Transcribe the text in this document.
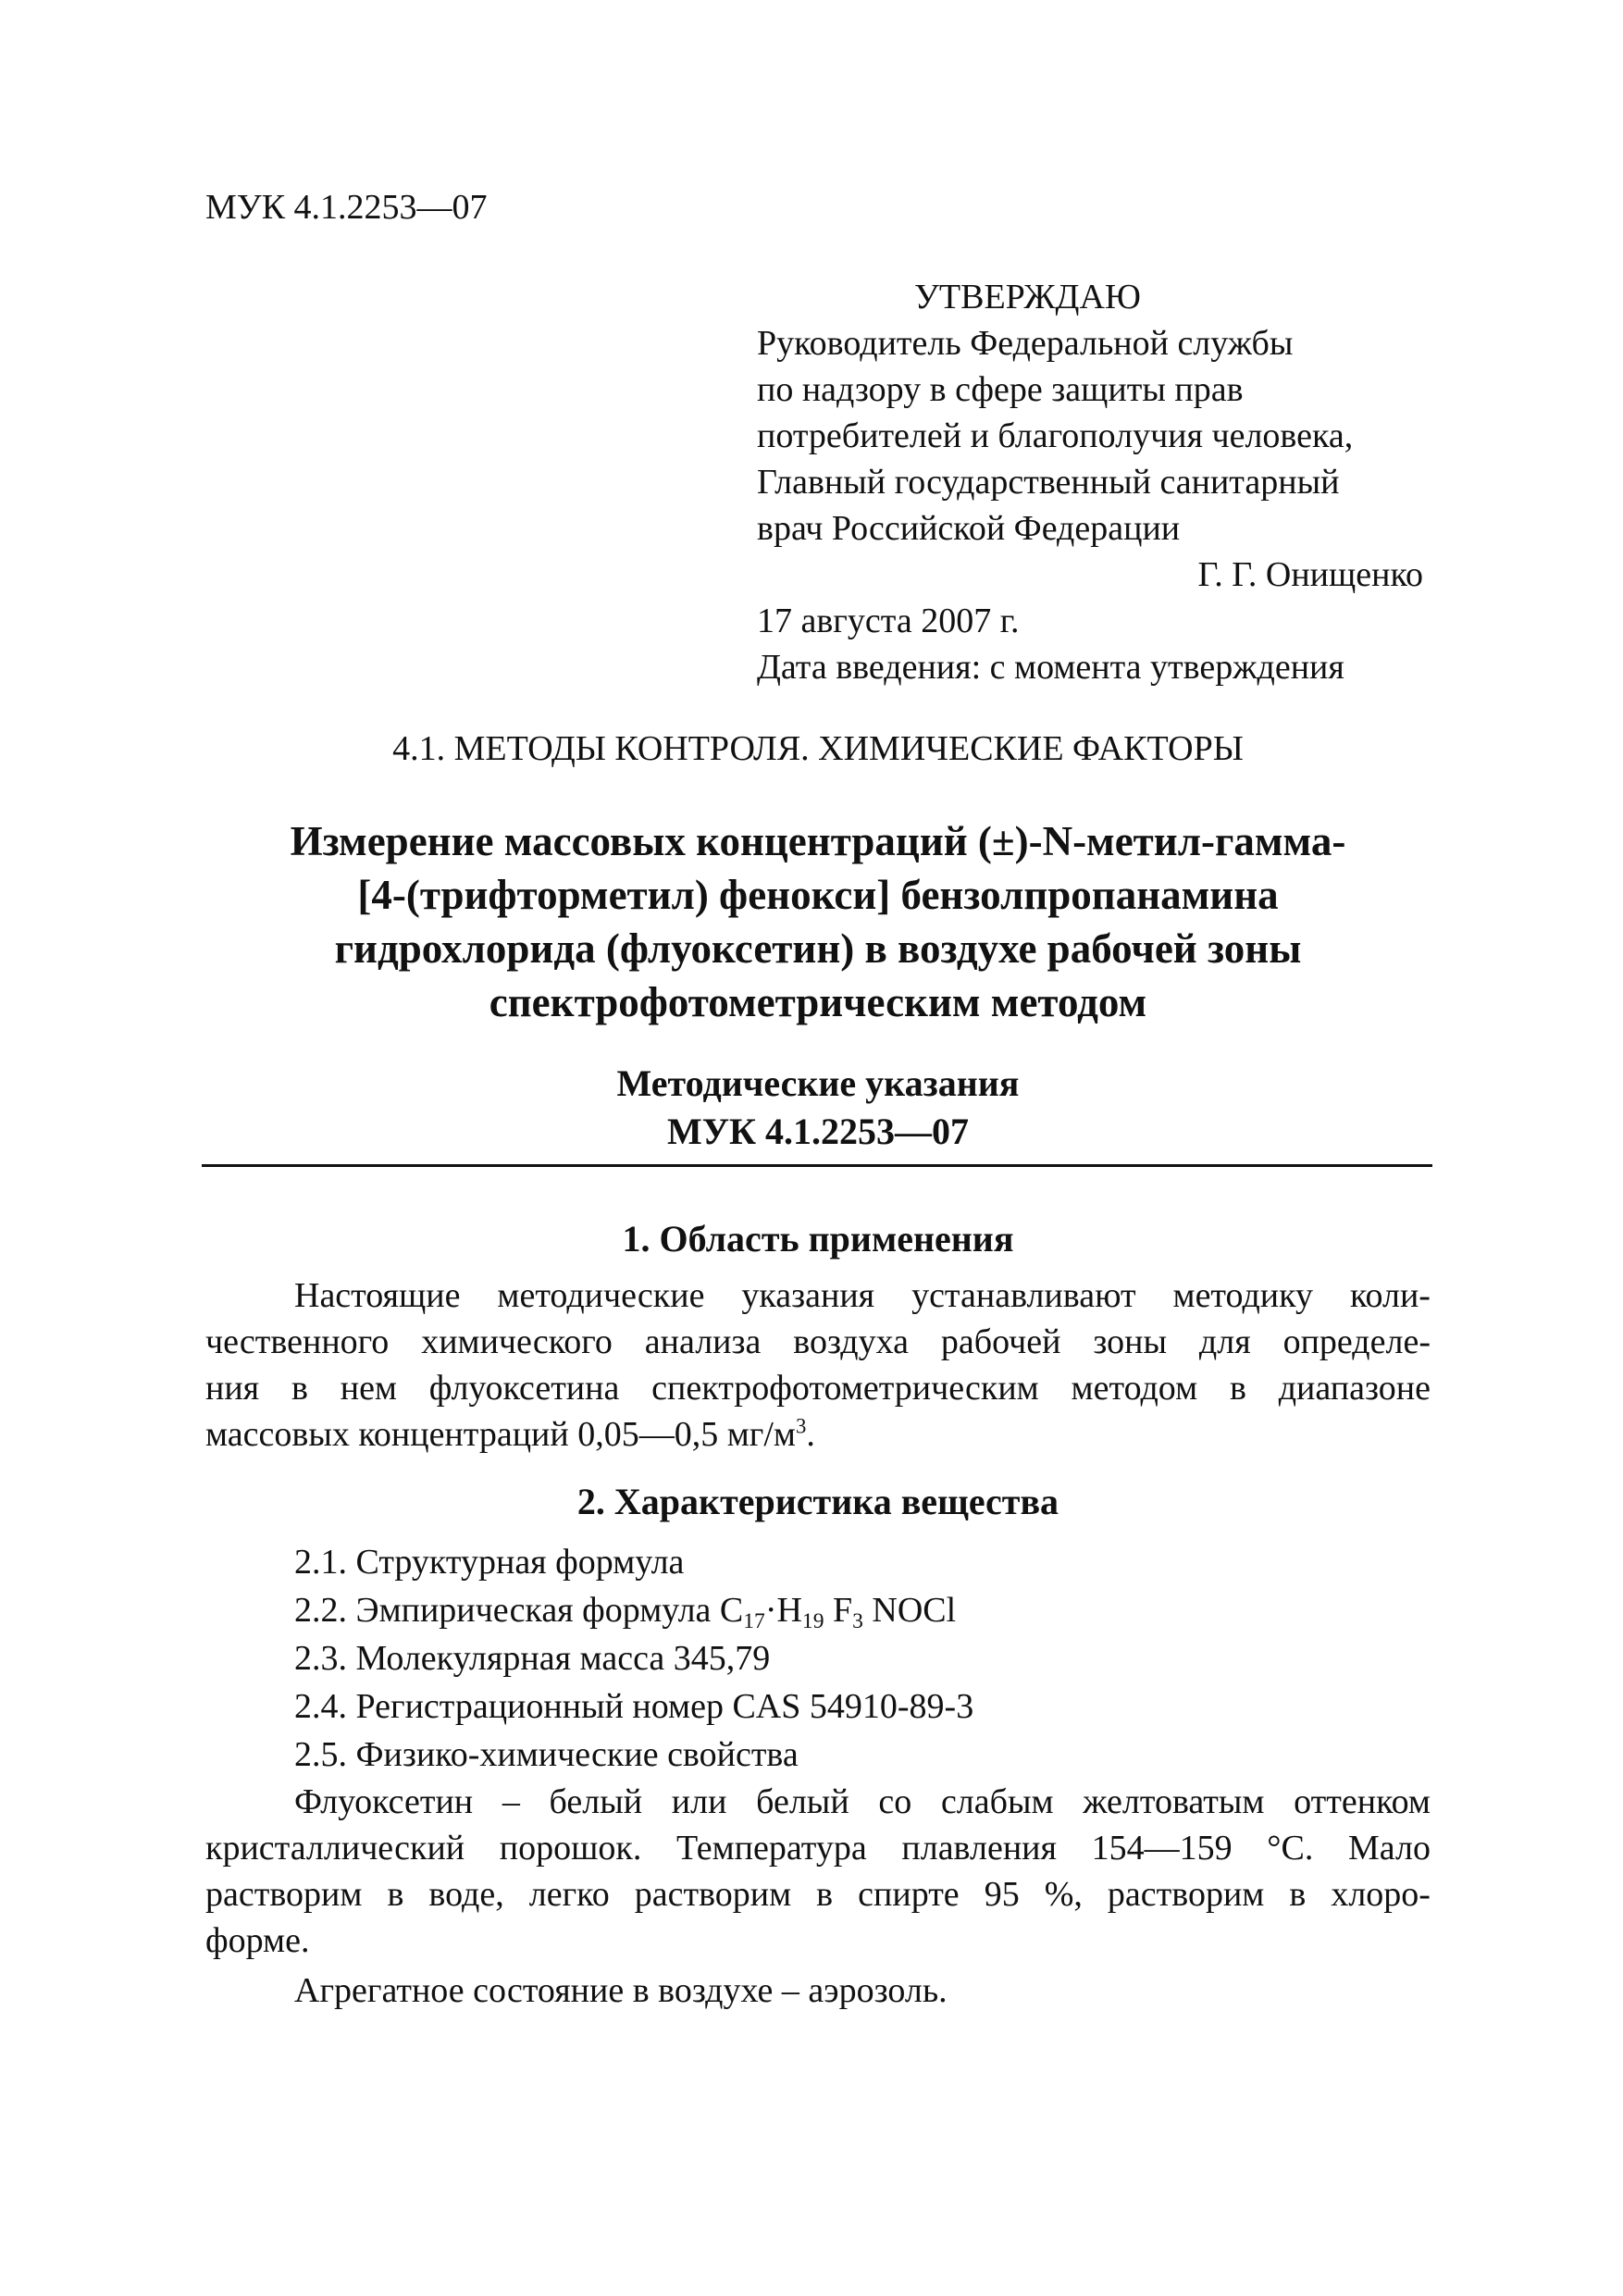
МУК 4.1.2253—07
УТВЕРЖДАЮ
Руководитель Федеральной службы
по надзору в сфере защиты прав
потребителей и благополучия человека,
Главный государственный санитарный
врач Российской Федерации
Г. Г. Онищенко
17 августа 2007 г.
Дата введения: с момента утверждения
4.1. МЕТОДЫ КОНТРОЛЯ. ХИМИЧЕСКИЕ ФАКТОРЫ
Измерение массовых концентраций (±)-N-метил-гамма-
[4-(трифторметил) фенокси] бензолпропанамина
гидрохлорида (флуоксетин) в воздухе рабочей зоны
спектрофотометрическим методом
Методические указания
МУК 4.1.2253—07
1. Область применения
Настоящие методические указания устанавливают методику коли-
чественного химического анализа воздуха рабочей зоны для определе-
ния в нем флуоксетина спектрофотометрическим методом в диапазоне
массовых концентраций 0,05—0,5 $мг/м^3$.
2. Характеристика вещества
2.1. Структурная формула
2.2. Эмпирическая формула $C_{17}\cdot H_{19}$ $F_3$ NOCl
2.3. Молекулярная масса 345,79
2.4. Регистрационный номер CAS 54910-89-3
2.5. Физико-химические свойства
Флуоксетин – белый или белый со слабым желтоватым оттенком
кристаллический порошок. Температура плавления 154—159 °С. Мало
растворим в воде, легко растворим в спирте 95 %, растворим в хлоро-
форме.
Агрегатное состояние в воздухе – аэрозоль.
